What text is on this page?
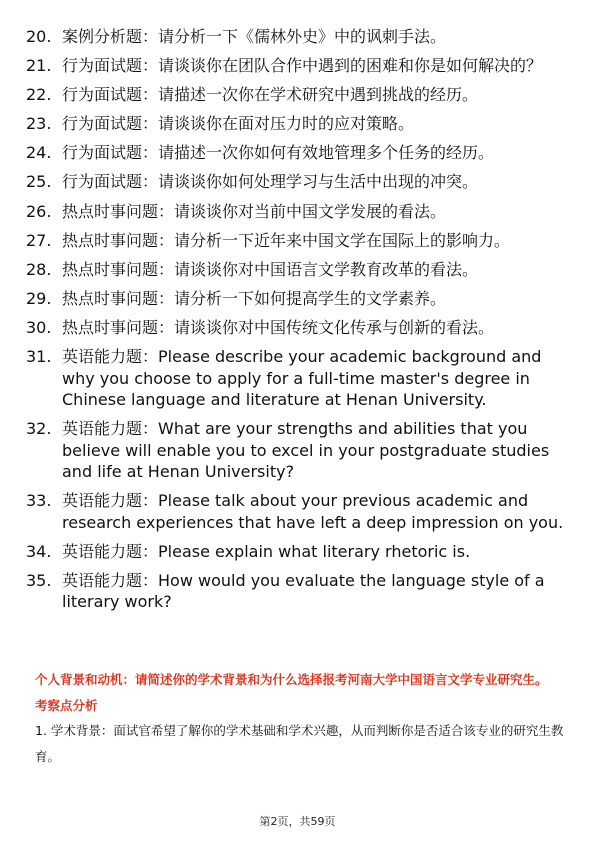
20. 案例分析题：请分析一下《儒林外史》中的讽刺手法。
21. 行为面试题：请谈谈你在团队合作中遇到的困难和你是如何解决的？
22. 行为面试题：请描述一次你在学术研究中遇到挑战的经历。
23. 行为面试题：请谈谈你在面对压力时的应对策略。
24. 行为面试题：请描述一次你如何有效地管理多个任务的经历。
25. 行为面试题：请谈谈你如何处理学习与生活中出现的冲突。
26. 热点时事问题：请谈谈你对当前中国文学发展的看法。
27. 热点时事问题：请分析一下近年来中国文学在国际上的影响力。
28. 热点时事问题：请谈谈你对中国语言文学教育改革的看法。
29. 热点时事问题：请分析一下如何提高学生的文学素养。
30. 热点时事问题：请谈谈你对中国传统文化传承与创新的看法。
31. 英语能力题：Please describe your academic background and why you choose to apply for a full-time master's degree in Chinese language and literature at Henan University.
32. 英语能力题：What are your strengths and abilities that you believe will enable you to excel in your postgraduate studies and life at Henan University?
33. 英语能力题：Please talk about your previous academic and research experiences that have left a deep impression on you.
34. 英语能力题：Please explain what literary rhetoric is.
35. 英语能力题：How would you evaluate the language style of a literary work?
个人背景和动机：请简述你的学术背景和为什么选择报考河南大学中国语言文学专业研究生。
考察点分析
1. 学术背景：面试官希望了解你的学术基础和学术兴趣，从而判断你是否适合该专业的研究生教育。
第2页，共59页
